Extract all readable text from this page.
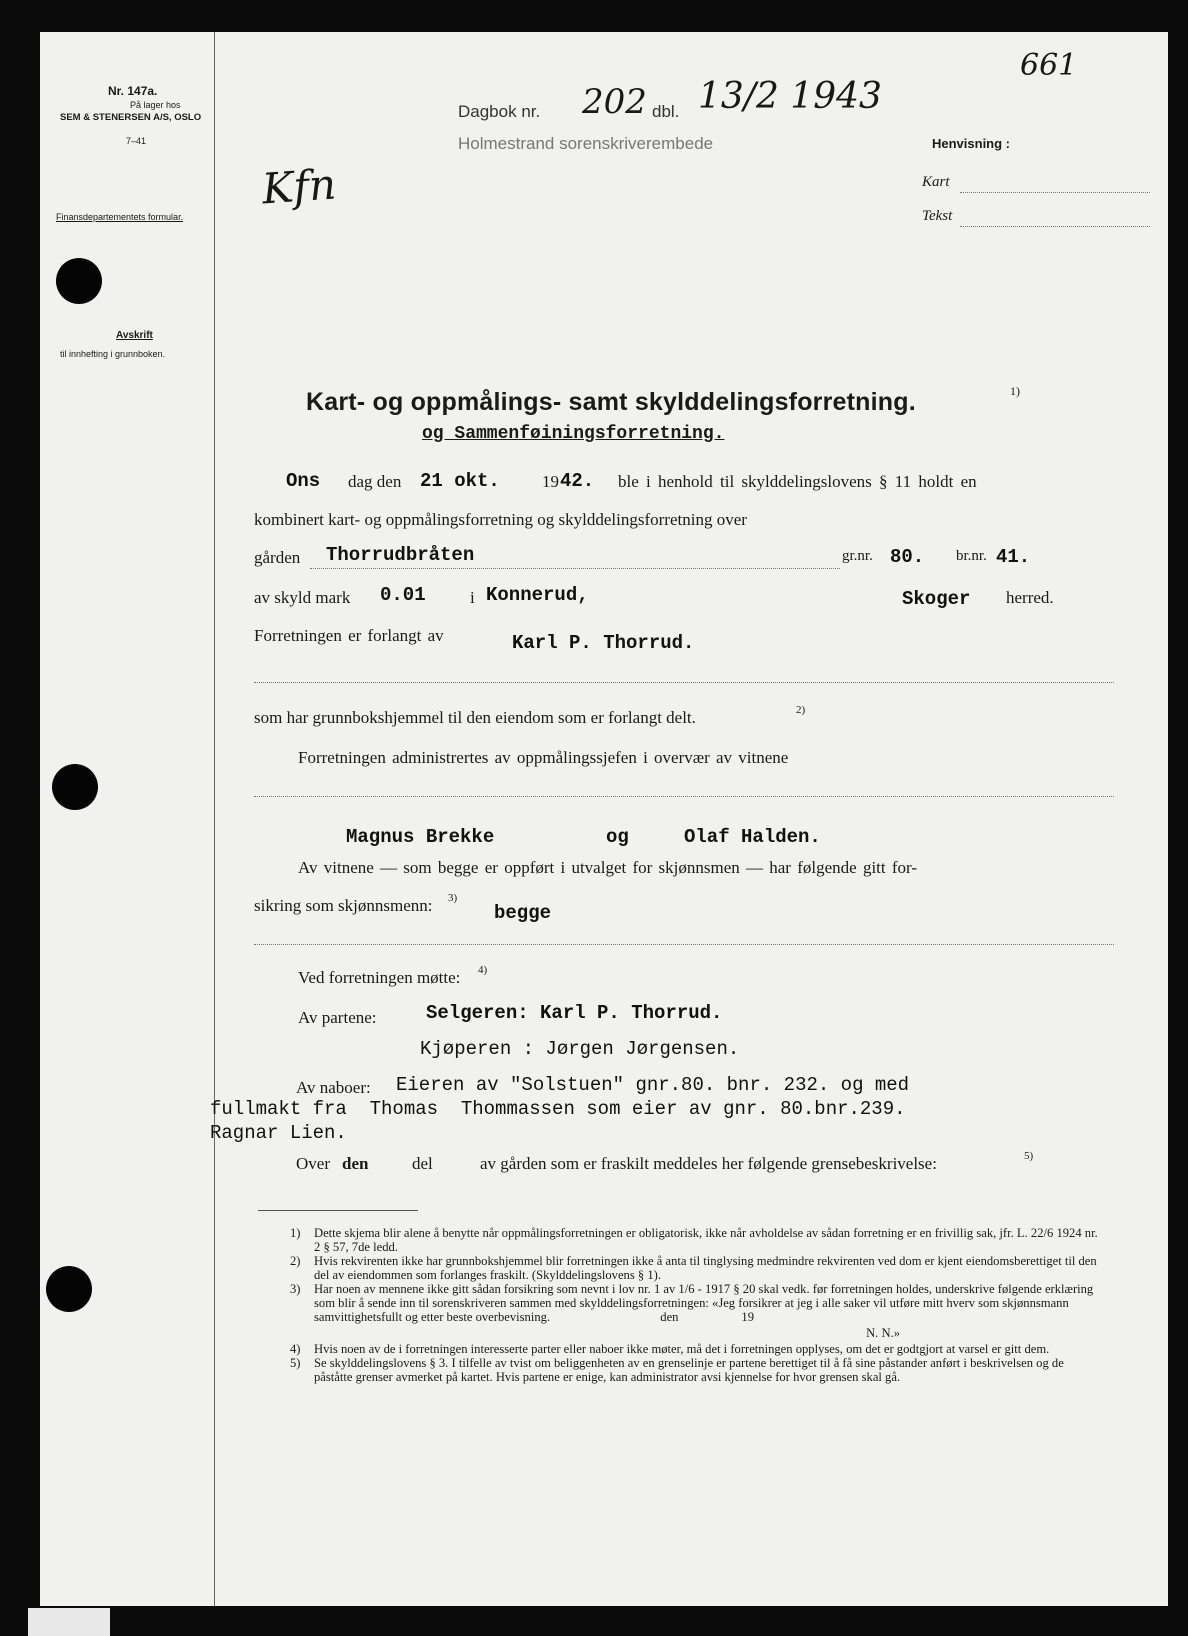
Nr. 147a.
På lager hos
SEM & STENERSEN A/S, OSLO
7–41
Finansdepartementets formular.
Avskrift
til innhefting i grunnboken.
Dagbok nr. 202 dbl. 13/2 1943
Holmestrand sorenskriverembede
661
Kfn
Henvisning :
Kart
Tekst
Kart- og oppmålings- samt skylddelingsforretning.	1)
og Sammenføiningsforretning.
Ons dag den 21 okt. 19 42. ble i henhold til skylddelingslovens § 11 holdt en
kombinert kart- og oppmålingsforretning og skylddelingsforretning over
gården Thorrudbråten	gr.nr. 80. br.nr. 41.
av skyld mark 0.01	i Konnerud,	Skoger herred.
Forretningen er forlangt av	Karl P. Thorrud.
som har grunnbokshjemmel til den eiendom som er forlangt delt.	2)
Forretningen administrertes av oppmålingssjefen i overvær av vitnene
Magnus Brekke	og	Olaf Halden.
Av vitnene — som begge er oppført i utvalget for skjønnsmen — har følgende gitt for-
sikring som skjønnsmenn: 3)
begge
Ved forretningen møtte: 4)
Av partene:	Selgeren: Karl P. Thorrud.
Kjøperen : Jørgen Jørgensen.
Av naboer: Eieren av "Solstuen" gnr.80. bnr. 232. og med
fullmakt fra  Thomas  Thommassen som eier av gnr. 80.bnr.239.
Ragnar Lien.
Over den	del	av gården som er fraskilt meddeles her følgende grensebeskrivelse:	5)
1) Dette skjema blir alene å benytte når oppmålingsforretningen er obligatorisk, ikke når avholdelse av sådan forretning er en frivillig sak, jfr. L. 22/6 1924 nr. 2 § 57, 7de ledd.
2) Hvis rekvirenten ikke har grunnbokshjemmel blir forretningen ikke å anta til tinglysing medmindre rekvirenten ved dom er kjent eiendomsberettiget til den del av eiendommen som forlanges fraskilt. (Skylddelingslovens § 1).
3) Har noen av mennene ikke gitt sådan forsikring som nevnt i lov nr. 1 av 1/6 - 1917 § 20 skal vedk. før forretningen holdes, underskrive følgende erklæring som blir å sende inn til sorenskriveren sammen med skylddelingsforretningen: «Jeg forsikrer at jeg i alle saker vil utføre mitt hverv som skjønnsmann samvittighetsfullt og etter beste overbevisning.                                   den                    19
N. N.»
4) Hvis noen av de i forretningen interesserte parter eller naboer ikke møter, må det i forretningen opplyses, om det er godtgjort at varsel er gitt dem.
5) Se skylddelingslovens § 3. I tilfelle av tvist om beliggenheten av en grenselinje er partene berettiget til å få sine påstander anført i beskrivelsen og de påståtte grenser avmerket på kartet. Hvis partene er enige, kan administrator avsi kjennelse for hvor grensen skal gå.
